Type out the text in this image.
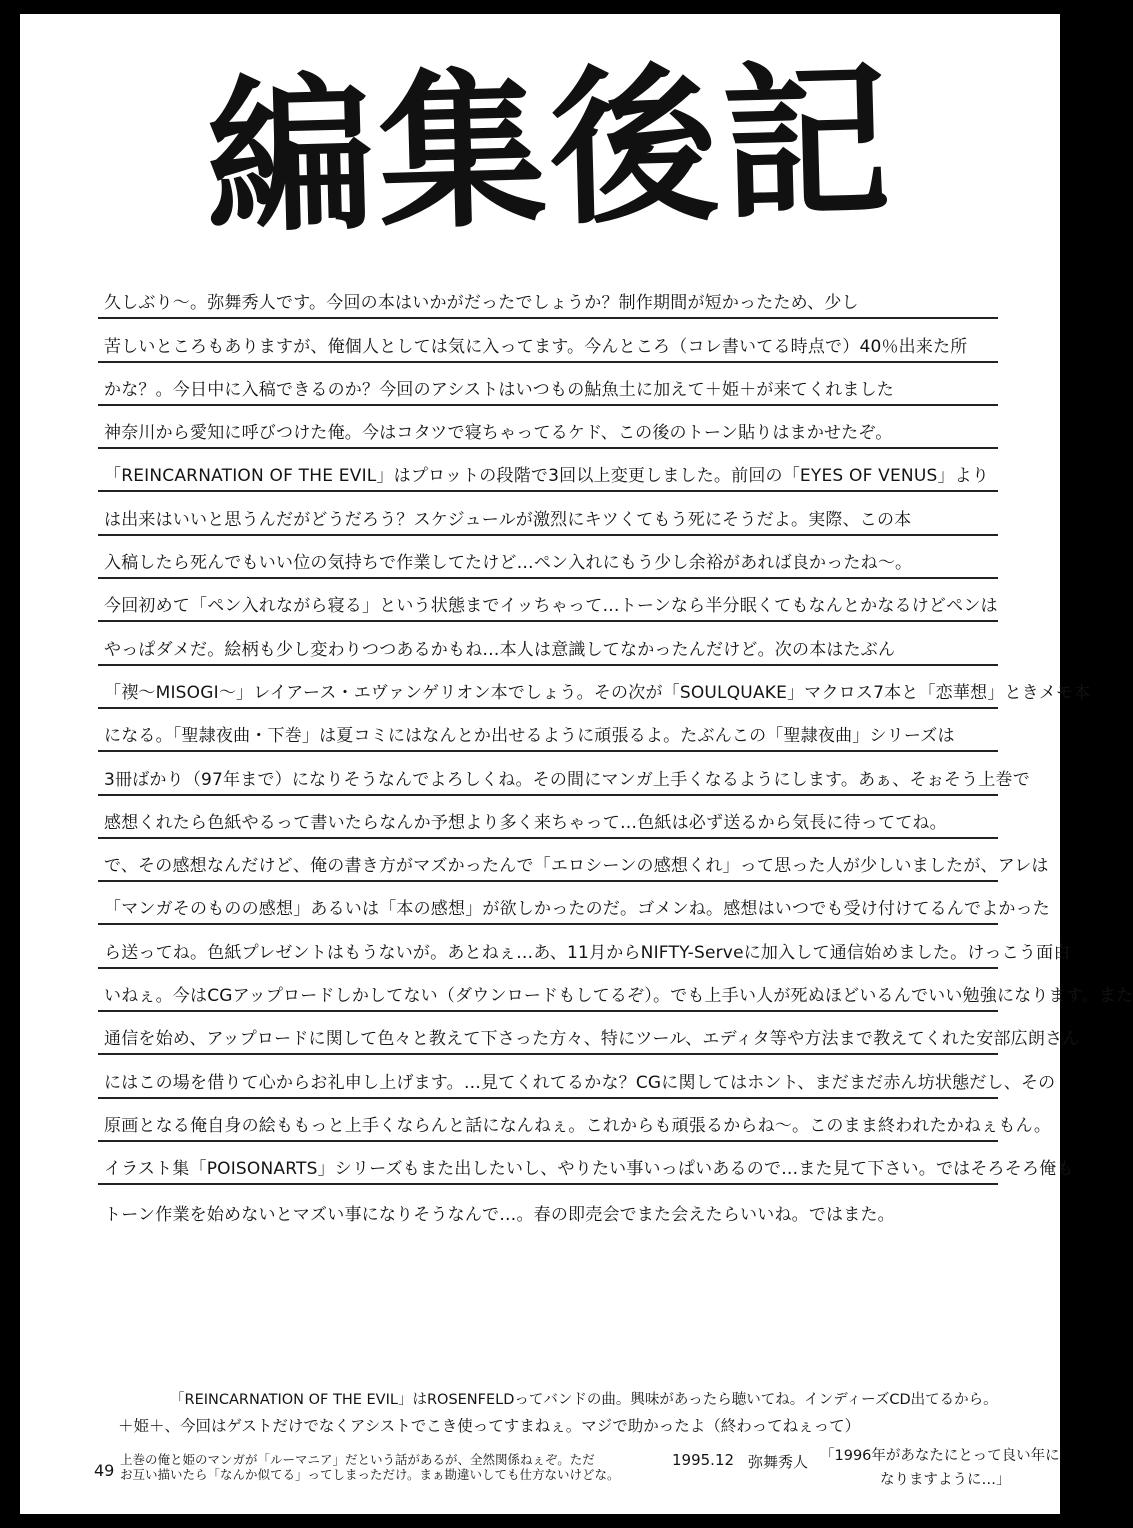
編集後記
久しぶり～。弥舞秀人です。今回の本はいかがだったでしょうか？制作期間が短かったため、少し
苦しいところもありますが、俺個人としては気に入ってます。今んところ（コレ書いてる時点で）40％出来た所
かな？。今日中に入稿できるのか？今回のアシストはいつもの鮎魚土に加えて＋姫＋が来てくれました
神奈川から愛知に呼びつけた俺。今はコタツで寝ちゃってるケド、この後のトーン貼りはまかせたぞ。
「REINCARNATION OF THE EVIL」はプロットの段階で3回以上変更しました。前回の「EYES OF VENUS」より
は出来はいいと思うんだがどうだろう？スケジュールが激烈にキツくてもう死にそうだよ。実際、この本
入稿したら死んでもいい位の気持ちで作業してたけど…ペン入れにもう少し余裕があれば良かったね～。
今回初めて「ペン入れながら寝る」という状態までイッちゃって…トーンなら半分眠くてもなんとかなるけどペンは
やっぱダメだ。絵柄も少し変わりつつあるかもね…本人は意識してなかったんだけど。次の本はたぶん
「禊～MISOGI～」レイアース・エヴァンゲリオン本でしょう。その次が「SOULQUAKE」マクロス7本と「恋華想」ときメモ本
になる。「聖隷夜曲・下巻」は夏コミにはなんとか出せるように頑張るよ。たぶんこの「聖隷夜曲」シリーズは
3冊ばかり（97年まで）になりそうなんでよろしくね。その間にマンガ上手くなるようにします。あぁ、そぉそう上巻で
感想くれたら色紙やるって書いたらなんか予想より多く来ちゃって…色紙は必ず送るから気長に待っててね。
で、その感想なんだけど、俺の書き方がマズかったんで「エロシーンの感想くれ」って思った人が少しいましたが、アレは
「マンガそのものの感想」あるいは「本の感想」が欲しかったのだ。ゴメンね。感想はいつでも受け付けてるんでよかった
ら送ってね。色紙プレゼントはもうないが。あとねぇ…あ、11月からNIFTY-Serveに加入して通信始めました。けっこう面白
いねぇ。今はCGアップロードしかしてない（ダウンロードもしてるぞ）。でも上手い人が死ぬほどいるんでいい勉強になります。また
通信を始め、アップロードに関して色々と教えて下さった方々、特にツール、エディタ等や方法まで教えてくれた安部広朗さん
にはこの場を借りて心からお礼申し上げます。…見てくれてるかな？CGに関してはホント、まだまだ赤ん坊状態だし、その
原画となる俺自身の絵ももっと上手くならんと話になんねぇ。これからも頑張るからね～。このまま終われたかねぇもん。
イラスト集「POISONARTS」シリーズもまた出したいし、やりたい事いっぱいあるので…また見て下さい。ではそろそろ俺も
トーン作業を始めないとマズい事になりそうなんで…。春の即売会でまた会えたらいいね。ではまた。
「REINCARNATION OF THE EVIL」はROSENFELDってバンドの曲。興味があったら聴いてね。インディーズCD出てるから。
＋姫＋、今回はゲストだけでなくアシストでこき使ってすまねぇ。マジで助かったよ（終わってねぇって）
上巻の俺と姫のマンガが「ルーマニア」だという話があるが、全然関係ねぇぞ。ただ
お互い描いたら「なんか似てる」ってしまっただけ。まぁ勘違いしても仕方ないけどな。
49
1995.12 弥舞秀人 「1996年があなたにとって良い年に
なりますように…」
